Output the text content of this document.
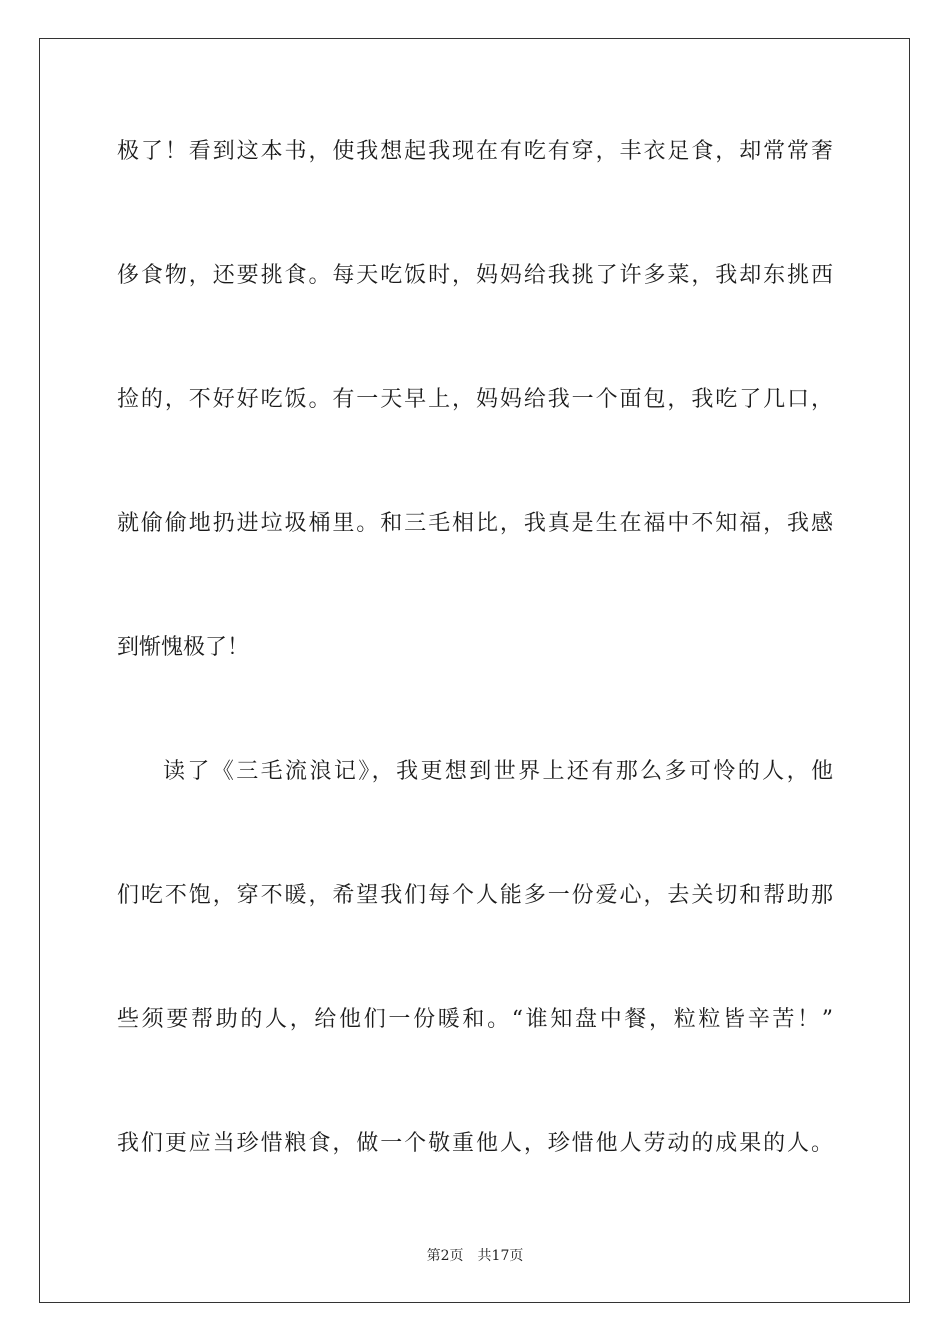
极了！看到这本书，使我想起我现在有吃有穿，丰衣足食，却常常奢
侈食物，还要挑食。每天吃饭时，妈妈给我挑了许多菜，我却东挑西
捡的，不好好吃饭。有一天早上，妈妈给我一个面包，我吃了几口，
就偷偷地扔进垃圾桶里。和三毛相比，我真是生在福中不知福，我感
到惭愧极了！
读了《三毛流浪记》，我更想到世界上还有那么多可怜的人，他
们吃不饱，穿不暖，希望我们每个人能多一份爱心，去关切和帮助那
些须要帮助的人，给他们一份暖和。“谁知盘中餐，粒粒皆辛苦！”
我们更应当珍惜粮食，做一个敬重他人，珍惜他人劳动的成果的人。
第2页 共17页
